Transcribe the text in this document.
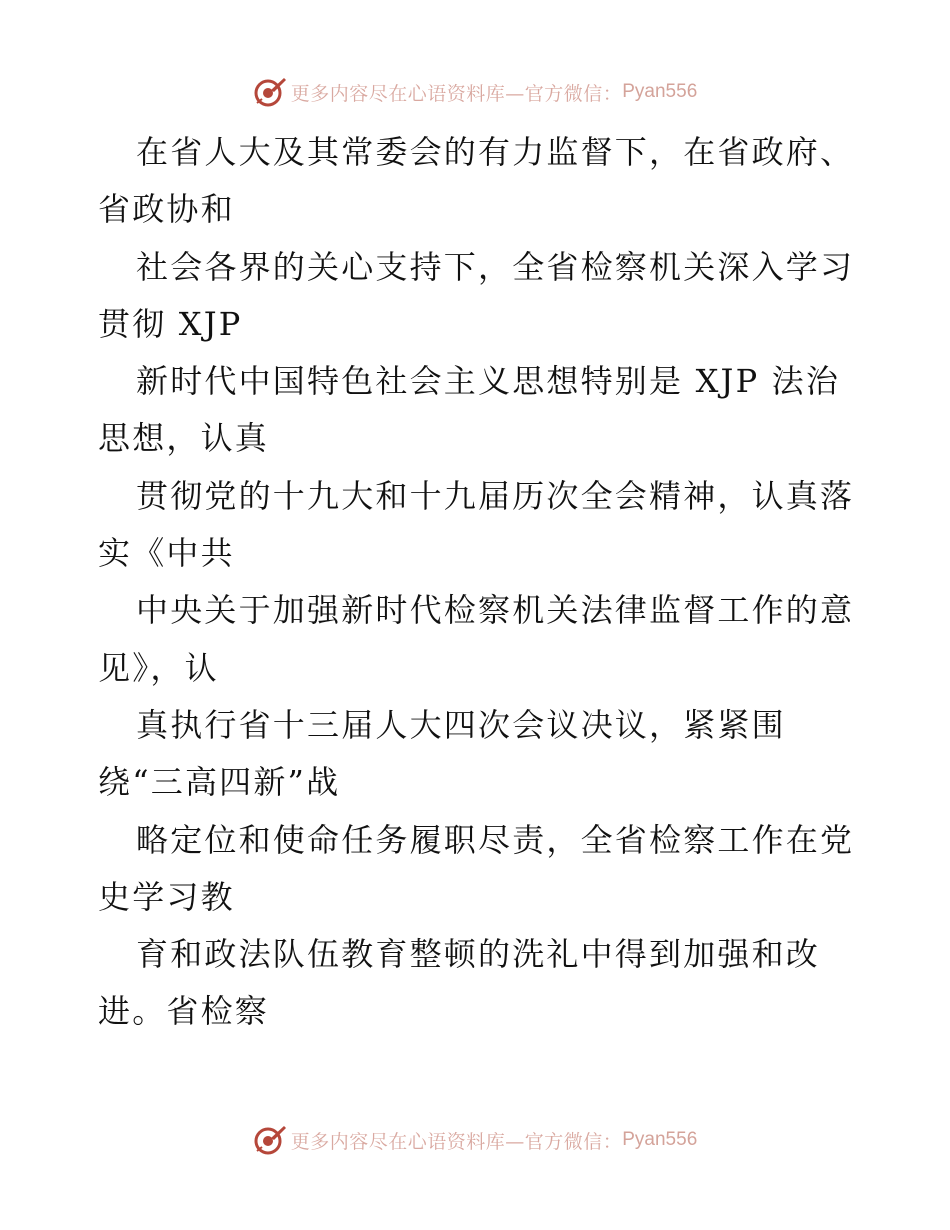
更多内容尽在心语资料库—官方微信： Pyan556
在省人大及其常委会的有力监督下，在省政府、
省政协和
社会各界的关心支持下，全省检察机关深入学习
贯彻 XJP
新时代中国特色社会主义思想特别是 XJP 法治
思想，认真
贯彻党的十九大和十九届历次全会精神，认真落
实《中共
中央关于加强新时代检察机关法律监督工作的意
见》，认
真执行省十三届人大四次会议决议，紧紧围
绕“三高四新”战
略定位和使命任务履职尽责，全省检察工作在党
史学习教
育和政法队伍教育整顿的洗礼中得到加强和改
进。省检察
更多内容尽在心语资料库—官方微信： Pyan556
